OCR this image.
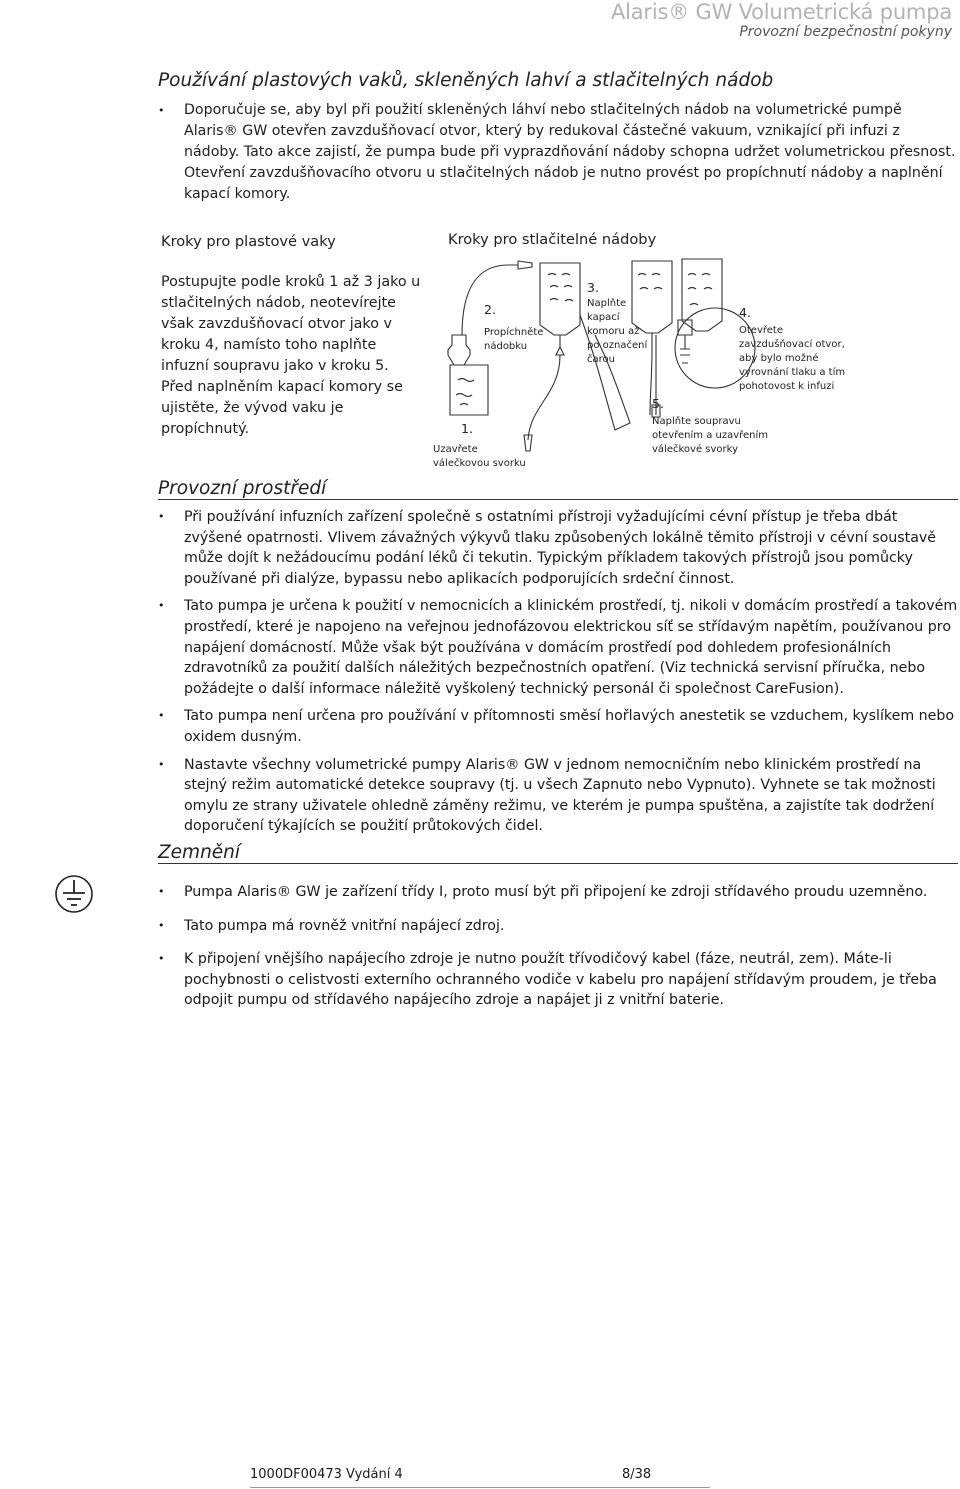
Alaris® GW Volumetrická pumpa
Provozní bezpečnostní pokyny
Používání plastových vaků, skleněných lahví a stlačitelných nádob
• Doporučuje se, aby byl při použití skleněných láhví nebo stlačitelných nádob na volumetrické pumpě Alaris® GW otevřen zavzdušňovací otvor, který by redukoval částečné vakuum, vznikající při infuzi z nádoby. Tato akce zajistí, že pumpa bude při vyprazdňování nádoby schopna udržet volumetrickou přesnost. Otevření zavzdušňovacího otvoru u stlačitelných nádob je nutno provést po propíchnutí nádoby a naplnění kapací komory.
Kroky pro plastové vaky	Kroky pro stlačitelné nádoby
Postupujte podle kroků 1 až 3 jako u stlačitelných nádob, neotevírejte však zavzdušňovací otvor jako v kroku 4, namísto toho naplňte infuzní soupravu jako v kroku 5. Před naplněním kapací komory se ujistěte, že vývod vaku je propíchnutý.	1.
Uzavřete
válečkovou svorku
2.
Propíchněte
nádobku
3.
Naplňte
kapací
komoru až
po označení
čarou
4.
Otevřete
zavzdušňovací otvor,
aby bylo možné
vyrovnání tlaku a tím
pohotovost k infuzi
5.
Naplňte soupravu
otevřením a uzavřením
válečkové svorky
Provozní prostředí
• Při používání infuzních zařízení společně s ostatními přístroji vyžadujícími cévní přístup je třeba dbát zvýšené opatrnosti. Vlivem závažných výkyvů tlaku způsobených lokálně těmito přístroji v cévní soustavě může dojít k nežádoucímu podání léků či tekutin. Typickým příkladem takových přístrojů jsou pomůcky používané při dialýze, bypassu nebo aplikacích podporujících srdeční činnost.
• Tato pumpa je určena k použití v nemocnicích a klinickém prostředí, tj. nikoli v domácím prostředí a takovém prostředí, které je napojeno na veřejnou jednofázovou elektrickou síť se střídavým napětím, používanou pro napájení domácností. Může však být používána v domácím prostředí pod dohledem profesionálních zdravotníků za použití dalších náležitých bezpečnostních opatření. (Viz technická servisní příručka, nebo požádejte o další informace náležitě vyškolený technický personál či společnost CareFusion).
• Tato pumpa není určena pro používání v přítomnosti směsí hořlavých anestetik se vzduchem, kyslíkem nebo oxidem dusným.
• Nastavte všechny volumetrické pumpy Alaris® GW v jednom nemocničním nebo klinickém prostředí na stejný režim automatické detekce soupravy (tj. u všech Zapnuto nebo Vypnuto). Vyhnete se tak možnosti omylu ze strany uživatele ohledně záměny režimu, ve kterém je pumpa spuštěna, a zajistíte tak dodržení doporučení týkajících se použití průtokových čidel.
Zemnění
• Pumpa Alaris® GW je zařízení třídy I, proto musí být při připojení ke zdroji střídavého proudu uzemněno.
• Tato pumpa má rovněž vnitřní napájecí zdroj.
• K připojení vnějšího napájecího zdroje je nutno použít třívodičový kabel (fáze, neutrál, zem). Máte-li pochybnosti o celistvosti externího ochranného vodiče v kabelu pro napájení střídavým proudem, je třeba odpojit pumpu od střídavého napájecího zdroje a napájet ji z vnitřní baterie.
1000DF00473 Vydání 4	8/38
